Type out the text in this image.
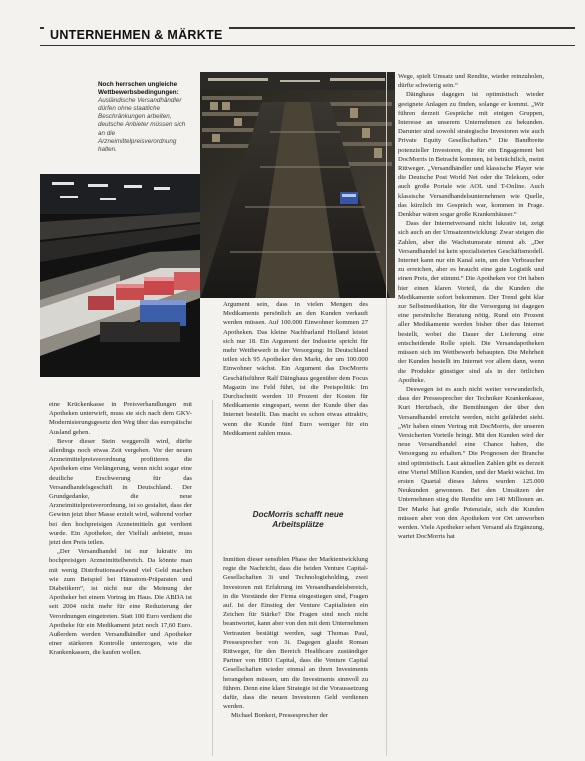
UNTERNEHMEN & MÄRKTE
Noch herrschen ungleiche Wettbewerbsbedingungen:
Ausländische Versandhändler dürfen ohne staatliche Beschränkungen arbeiten, deutsche Anbieter müssen sich an die Arzneimittelpreisverordnung halten.

eine Krückenkasse in Preisverhandlungen mit Apotheken unterwirft, muss sie sich nach dem GKV-Modernisierungsgesetz den Weg über das europäische Ausland gehen.

Bevor dieser Stein weggerollt wird, dürfte allerdings noch etwas Zeit vergehen. Vor der neuen Arzneimittelpreisverordnung profitieren die Apotheken eine Verlängerung, wenn nicht sogar eine deutliche Erschwerung für das Versandhandelsgeschäft in Deutschland. Der Grundgedanke, die neue Arzneimittelpreisverordnung, ist so gestaltet, dass der Gewinn jetzt über Masse erzielt wird, während vorher bei den hochpreisigen Arzneimitteln gut verdient wurde. Ein Apotheker, der Vielfalt anbietet, muss jetzt den Preis teilen.

„Der Versandhandel ist nur lukrativ im hochpreisigen Arzneimittelbereich. Da könnte man mit wenig Distributionsaufwand viel Geld machen wie zum Beispiel bei Hämatom-Präparaten und Diabetikern“, ist nicht nur die Meinung der Apotheker bei einem Vortrag im Haus. Die ABDA ist seit 2004 nicht mehr für eine Reduzierung der Verordnungen eingetreten. Statt 100 Euro verdient die Apotheke für ein Medikament jetzt noch 17,60 Euro. Außerdem werden Versandhändler und Apotheker einer stärkeren Kontrolle unterzogen, wie die Krankenkassen, die kaufen wollen.

Argument sein, dass in vielen Mengen des Medikaments persönlich an den Kunden verkauft werden müssen. Auf 100.000 Einwohner kommen 27 Apotheken. Das kleine Nachbarland Holland leistet sich nur 18. Ein Argument der Industrie spricht für mehr Wettbewerb in der Versorgung: In Deutschland teilen sich 95 Apotheker den Markt, der um 100.000 Einwohner wächst. Ein Argument das DocMorris Geschäftsführer Ralf Däinghaus gegenüber dem Focus Magazin ins Feld führt, ist die Preispolitik: Im Durchschnitt werden 10 Prozent der Kosten für Medikamente eingespart, wenn der Kunde über das Internet bestellt. Das macht es schon etwas attraktiv, wenn die Kunde fünf Euro weniger für ein Medikament zahlen muss.

DocMorris schafft neue Arbeitsplätze

Inmitten dieser sensiblen Phase der Marktentwicklung regte die Nachricht, dass die beiden Venture Capital-Gesellschaften 3i und Technologieholding, zwei Investoren mit Erfahrung im Versandhandelsbereich, in die Vorstände der Firma eingestiegen sind, Fragen auf. Ist der Einstieg der Venture Capitalisten ein Zeichen für Stärke? Die Fragen sind noch nicht beantwortet, kann aber von den mit dem Unternehmen Vertrauten bestätigt werden, sagt Thomas Paul, Pressesprecher von 3i. Dagegen glaubt Roman Rittweger, für den Bereich Healthcare zuständiger Partner von HBO Capital, dass die Venture Capital Gesellschaften wieder einmal an ihren Investments herangehen müssen, um die Investments sinnvoll zu führen. Denn eine klare Strategie ist die Voraussetzung dafür, dass die neuen Investoren Geld verdienen werden.

Michael Bonkert, Pressesprecher der

Wege, spielt Umsatz und Rendite, wieder reinzuholen, dürfte schwierig sein.“

Däinghaus dagegen ist optimistisch wieder geeignete Anlagen zu finden, solange er kommt. „Wir führen derzeit Gespräche mit einigen Gruppen, Interesse an unserem Unternehmen zu bekunden. Darunter sind sowohl strategische Investoren wie auch Private Equity Gesellschaften.“ Die Bandbreite potenzieller Investoren, die für ein Engagement bei DocMorris in Betracht kommen, ist beträchtlich, meint Rittweger. „Versandhändler und klassische Player wie die Deutsche Post World Net oder die Telekom, oder auch große Portale wie AOL und T-Online. Auch klassische Versandhandelsunternehmen wie Quelle, das kürzlich im Gespräch war, kommen in Frage. Denkbar wären sogar große Krankenhäuser.“

Dass der Internetversand nicht lukrativ ist, zeigt sich auch an der Umsatzentwicklung: Zwar steigen die Zahlen, aber die Wachstumsrate nimmt ab. „Der Versandhandel ist kein spezialisiertes Geschäftsmodell. Internet kann nur ein Kanal sein, um den Verbraucher zu erreichen, aber es braucht eine gute Logistik und einen Preis, der stimmt.“ Die Apotheken vor Ort haben hier einen klaren Vorteil, da die Kunden die Medikamente sofort bekommen. Der Trend geht klar zur Selbstmedikation, für die Versorgung ist dagegen eine persönliche Beratung nötig. Rund ein Prozent aller Medikamente werden bisher über das Internet bestellt, wobei die Dauer der Lieferung eine entscheidende Rolle spielt. Die Versandapotheken müssen sich im Wettbewerb behaupten. Die Mehrheit der Kunden bestellt im Internet vor allem dann, wenn die Produkte günstiger sind als in der örtlichen Apotheke.

Deswegen ist es auch nicht weiter verwunderlich, dass der Pressesprecher der Techniker Krankenkasse, Kurt Hertzbach, die Bemühungen der über den Versandhandel erreicht werden, nicht gefährdet sieht. „Wir haben einen Vertrag mit DocMorris, der unseren Versicherten Vorteile bringt. Mit den Kunden wird der neue Versandhandel eine Chance haben, die Versorgung zu erhalten.“ Die Prognosen der Branche sind optimistisch. Laut aktuellen Zahlen gibt es derzeit eine Viertel Million Kunden, und der Markt wächst. Im ersten Quartal dieses Jahres wurden 125.000 Neukunden gewonnen. Bei den Umsätzen der Unternehmen stieg die Rendite um 140 Millionen an. Der Markt hat große Potenziale, sich die Kunden müssen aber von den Apotheken vor Ort umworben werden. Viele Apotheker sehen Versand als Ergänzung, wartet DocMorris hat
